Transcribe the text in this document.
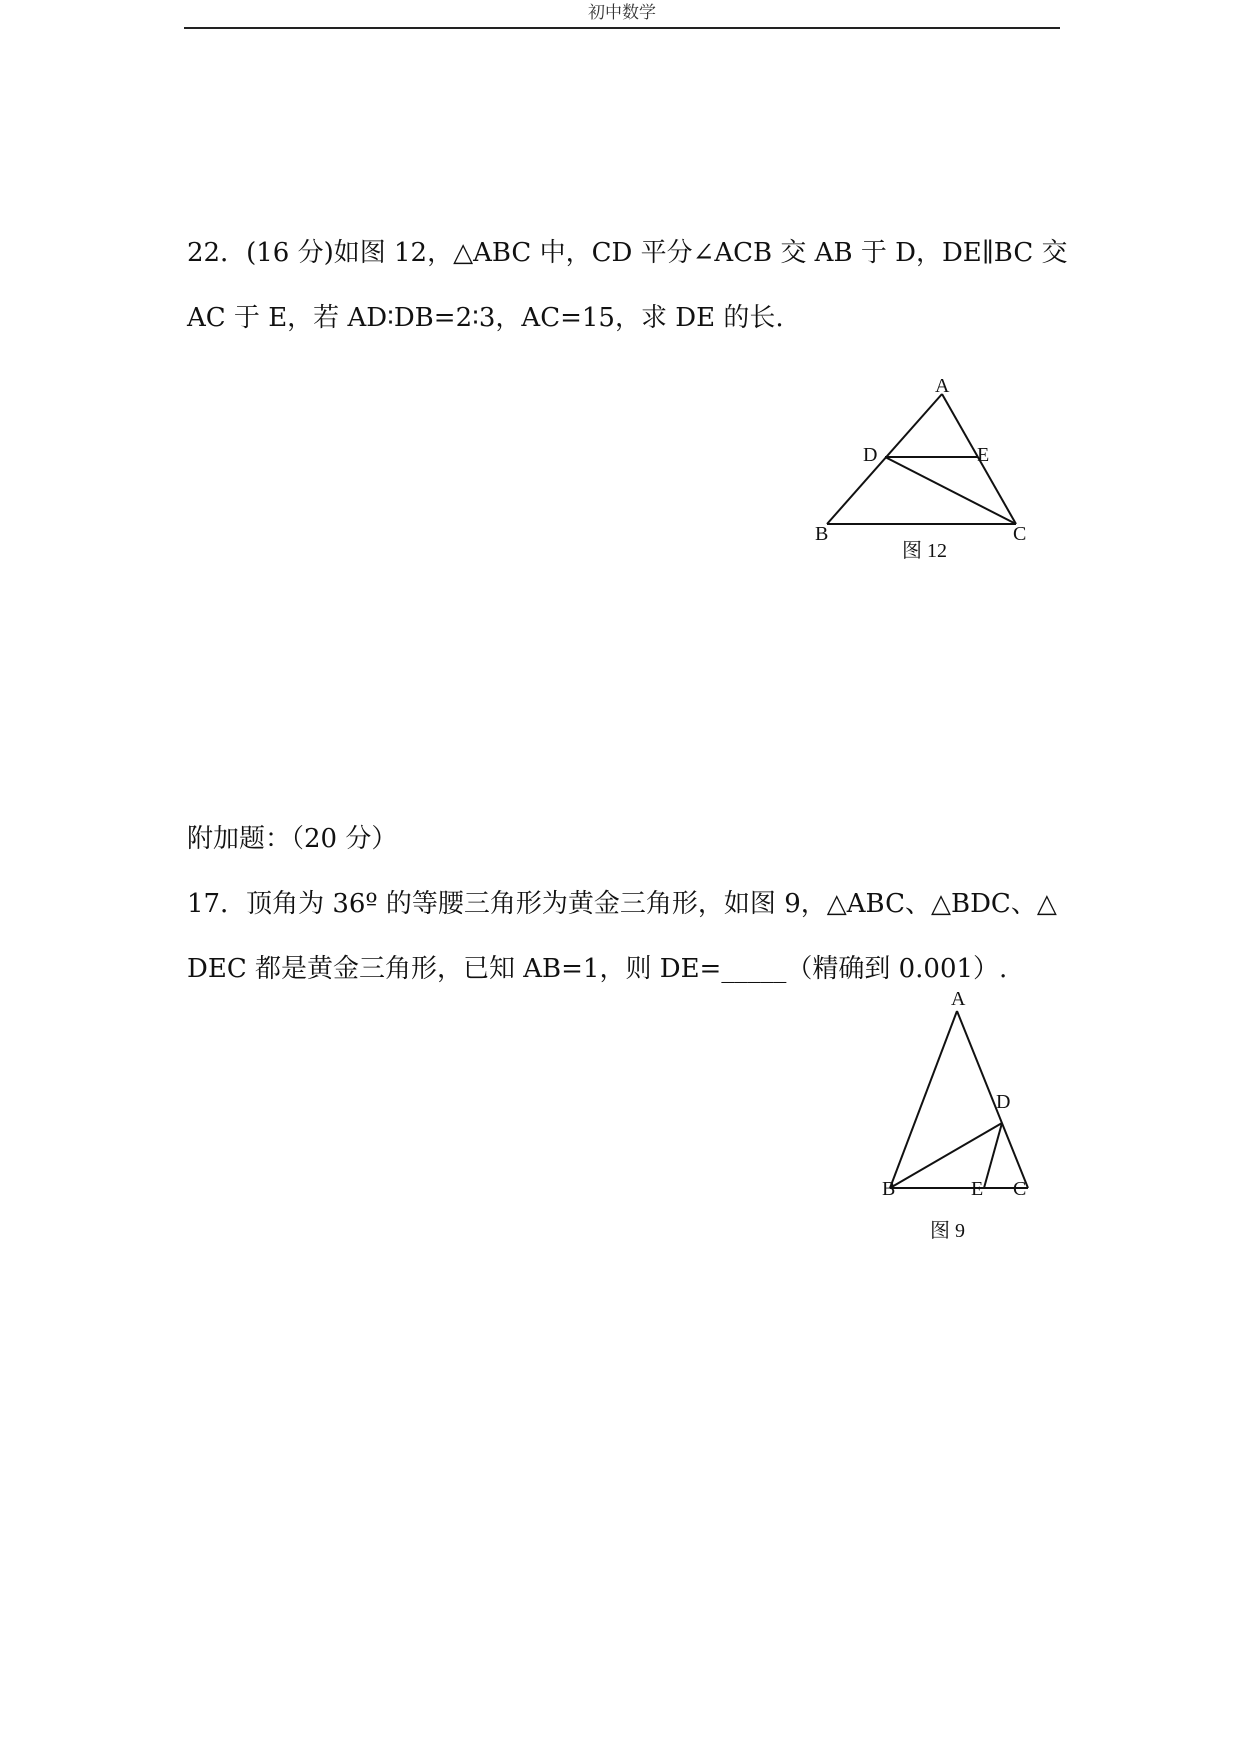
初中数学
22．(16 分)如图 12，△ABC 中，CD 平分∠ACB 交 AB 于 D，DE∥BC 交
AC 于 E，若 AD∶DB=2∶3，AC=15，求 DE 的长.
A
D	E
B	C
图 12
附加题：（20 分）
17．顶角为 36º 的等腰三角形为黄金三角形，如图 9，△ABC、△BDC、△
DEC 都是黄金三角形，已知 AB=1，则 DE=_____（精确到 0.001）.
A
D
B	E C
图 9
